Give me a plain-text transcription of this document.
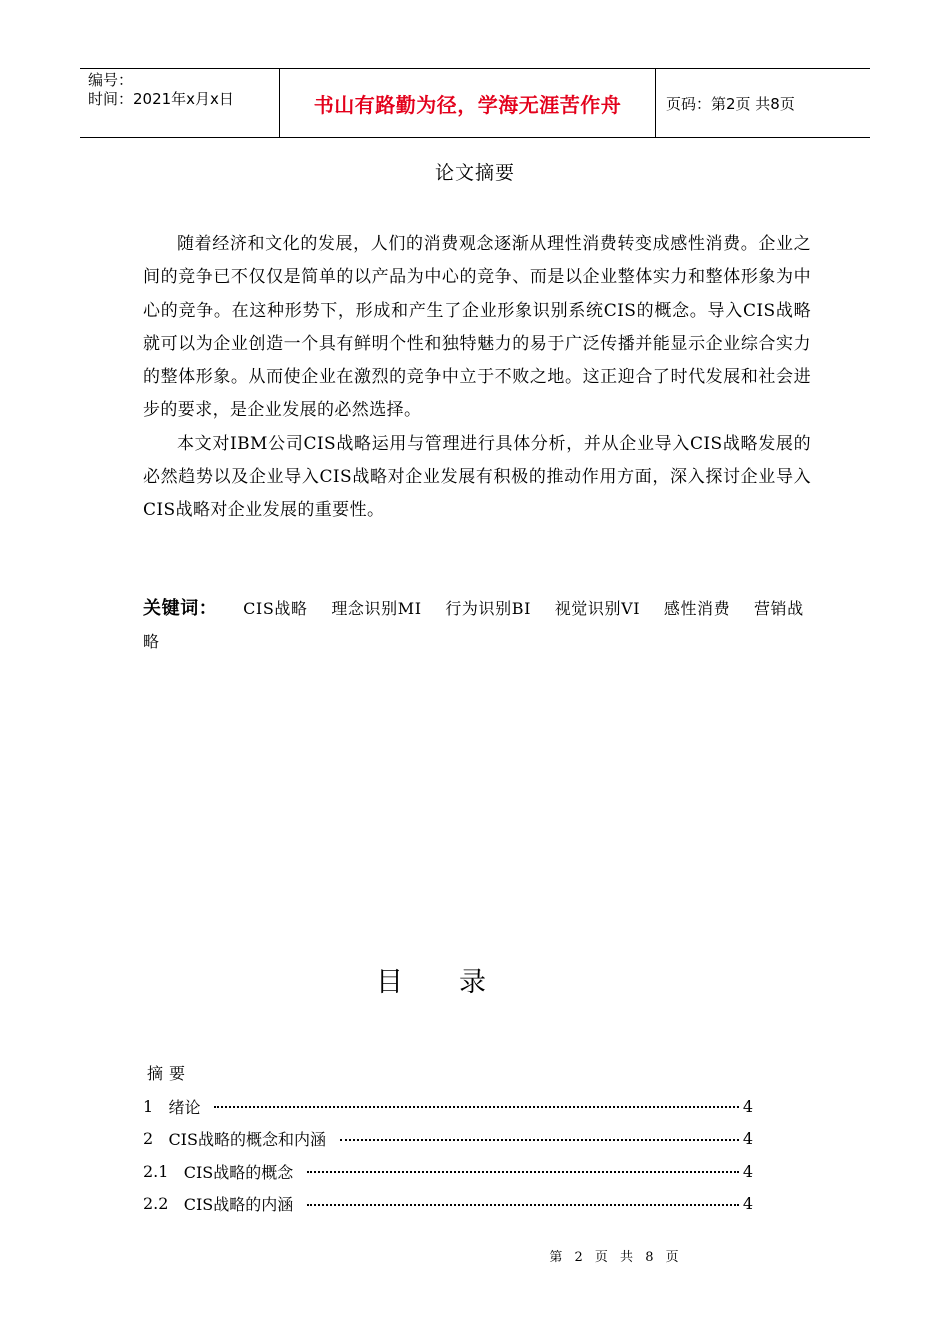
编号：
时间：2021年x月x日	书山有路勤为径，学海无涯苦作舟	页码：第2页 共8页
论文摘要

随着经济和文化的发展，人们的消费观念逐渐从理性消费转变成感性消费。企业之间的竞争已不仅仅是简单的以产品为中心的竞争、而是以企业整体实力和整体形象为中心的竞争。在这种形势下，形成和产生了企业形象识别系统CIS的概念。导入CIS战略就可以为企业创造一个具有鲜明个性和独特魅力的易于广泛传播并能显示企业综合实力的整体形象。从而使企业在激烈的竞争中立于不败之地。这正迎合了时代发展和社会进步的要求，是企业发展的必然选择。

本文对IBM公司CIS战略运用与管理进行具体分析，并从企业导入CIS战略发展的必然趋势以及企业导入CIS战略对企业发展有积极的推动作用方面，深入探讨企业导入CIS战略对企业发展的重要性。

关键词： CIS战略 理念识别MI 行为识别BI 视觉识别VI 感性消费 营销战略
目录
摘要
1 绪论	4
2 CIS战略的概念和内涵	4
2.1 CIS战略的概念	4
2.2 CIS战略的内涵	4
第 2 页 共 8 页
